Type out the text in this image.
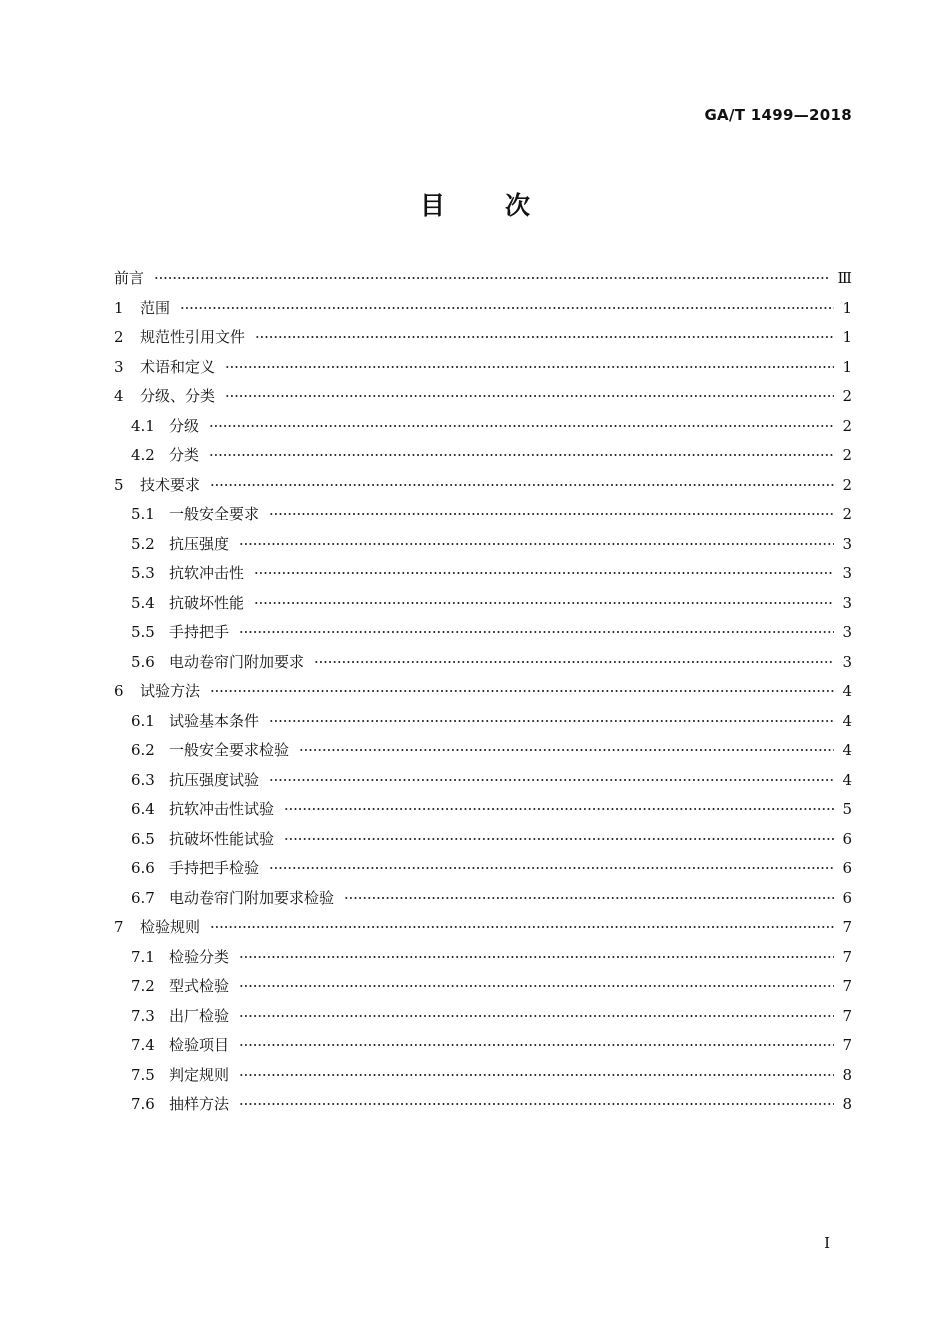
GA/T 1499—2018
目 次
前言	Ⅲ
1	范围	1
2	规范性引用文件	1
3	术语和定义	1
4	分级、分类	2
4.1 分级	2
4.2 分类	2
5	技术要求	2
5.1 一般安全要求	2
5.2 抗压强度	3
5.3 抗软冲击性	3
5.4 抗破坏性能	3
5.5 手持把手	3
5.6 电动卷帘门附加要求	3
6	试验方法	4
6.1 试验基本条件	4
6.2 一般安全要求检验	4
6.3 抗压强度试验	4
6.4 抗软冲击性试验	5
6.5 抗破坏性能试验	6
6.6 手持把手检验	6
6.7 电动卷帘门附加要求检验	6
7	检验规则	7
7.1 检验分类	7
7.2 型式检验	7
7.3 出厂检验	7
7.4 检验项目	7
7.5 判定规则	8
7.6 抽样方法	8
I
